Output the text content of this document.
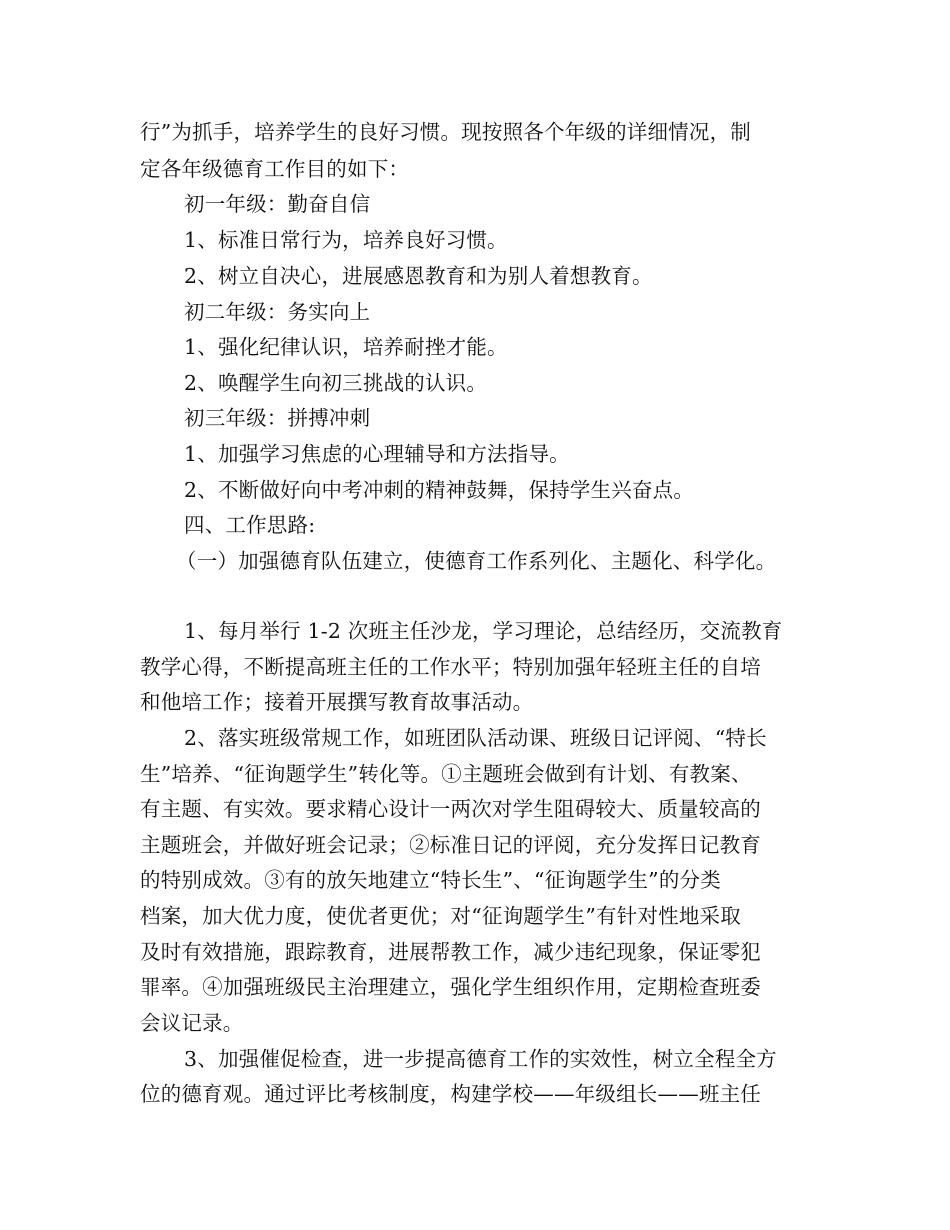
行”为抓手，培养学生的良好习惯。现按照各个年级的详细情况，制
定各年级德育工作目的如下：
初一年级：勤奋自信
1、标准日常行为，培养良好习惯。
2、树立自决心，进展感恩教育和为别人着想教育。
初二年级：务实向上
1、强化纪律认识，培养耐挫才能。
2、唤醒学生向初三挑战的认识。
初三年级：拼搏冲刺
1、加强学习焦虑的心理辅导和方法指导。
2、不断做好向中考冲刺的精神鼓舞，保持学生兴奋点。
四、工作思路:
（一）加强德育队伍建立，使德育工作系列化、主题化、科学化。
1、每月举行 1-2 次班主任沙龙，学习理论，总结经历，交流教育
教学心得，不断提高班主任的工作水平；特别加强年轻班主任的自培
和他培工作；接着开展撰写教育故事活动。
2、落实班级常规工作，如班团队活动课、班级日记评阅、“特长
生”培养、“征询题学生”转化等。①主题班会做到有计划、有教案、
有主题、有实效。要求精心设计一两次对学生阻碍较大、质量较高的
主题班会，并做好班会记录；②标准日记的评阅，充分发挥日记教育
的特别成效。③有的放矢地建立“特长生”、“征询题学生”的分类
档案，加大优力度，使优者更优；对“征询题学生”有针对性地采取
及时有效措施，跟踪教育，进展帮教工作，减少违纪现象，保证零犯
罪率。④加强班级民主治理建立，强化学生组织作用，定期检查班委
会议记录。
3、加强催促检查，进一步提高德育工作的实效性，树立全程全方
位的德育观。通过评比考核制度，构建学校——年级组长——班主任
